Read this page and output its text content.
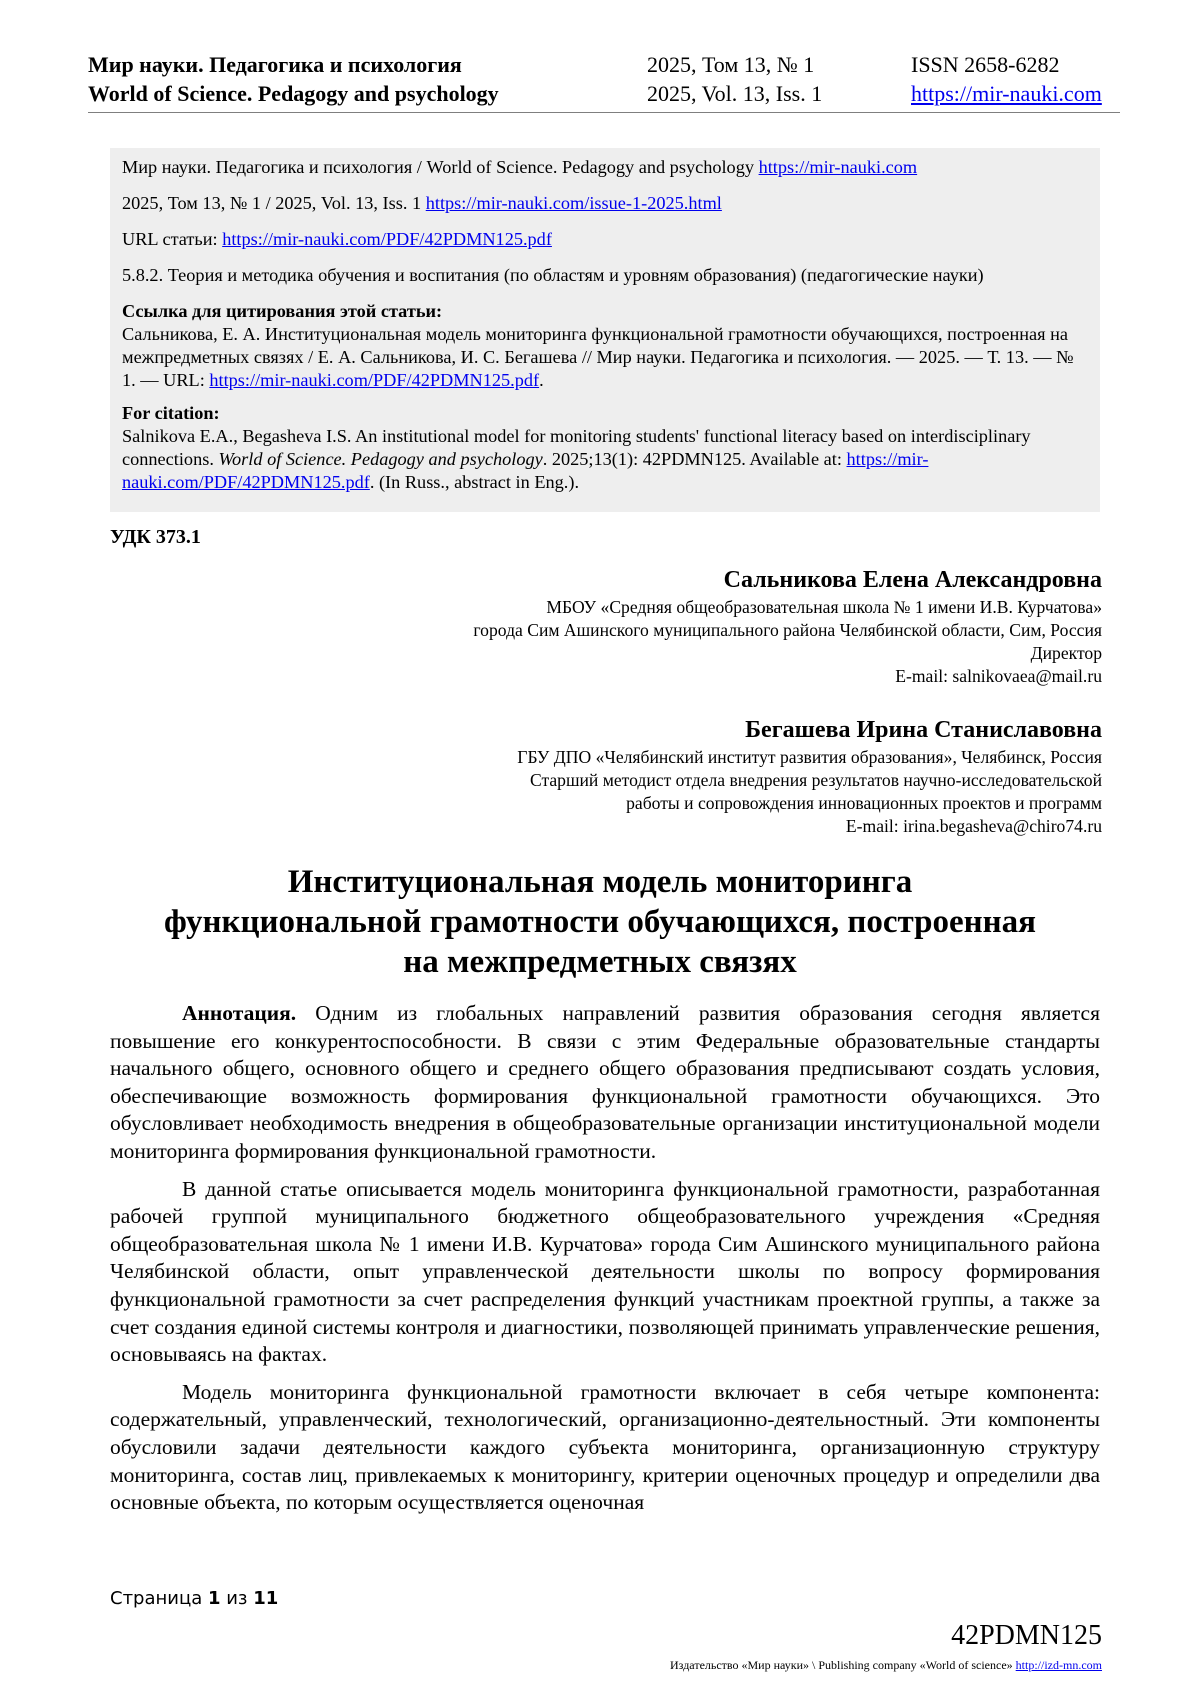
Мир науки. Педагогика и психология
World of Science. Pedagogy and psychology
2025, Том 13, № 1
2025, Vol. 13, Iss. 1
ISSN 2658-6282
https://mir-nauki.com

Мир науки. Педагогика и психология / World of Science. Pedagogy and psychology https://mir-nauki.com

2025, Том 13, № 1 / 2025, Vol. 13, Iss. 1 https://mir-nauki.com/issue-1-2025.html

URL статьи: https://mir-nauki.com/PDF/42PDMN125.pdf

5.8.2. Теория и методика обучения и воспитания (по областям и уровням образования) (педагогические науки)

Ссылка для цитирования этой статьи:
Сальникова, Е. А. Институциональная модель мониторинга функциональной грамотности обучающихся, построенная на межпредметных связях / Е. А. Сальникова, И. С. Бегашева // Мир науки. Педагогика и психология. — 2025. — Т. 13. — № 1. — URL: https://mir-nauki.com/PDF/42PDMN125.pdf.
For citation:
Salnikova E.A., Begasheva I.S. An institutional model for monitoring students' functional literacy based on interdisciplinary connections. World of Science. Pedagogy and psychology. 2025;13(1): 42PDMN125. Available at: https://mir-nauki.com/PDF/42PDMN125.pdf. (In Russ., abstract in Eng.).
УДК 373.1
Сальникова Елена Александровна
МБОУ «Средняя общеобразовательная школа № 1 имени И.В. Курчатова»
города Сим Ашинского муниципального района Челябинской области, Сим, Россия
Директор
E-mail: salnikovaea@mail.ru
Бегашева Ирина Станиславовна
ГБУ ДПО «Челябинский институт развития образования», Челябинск, Россия
Старший методист отдела внедрения результатов научно-исследовательской
работы и сопровождения инновационных проектов и программ
E-mail: irina.begasheva@chiro74.ru
Институциональная модель мониторинга
функциональной грамотности обучающихся, построенная
на межпредметных связях

Аннотация. Одним из глобальных направлений развития образования сегодня является повышение его конкурентоспособности. В связи с этим Федеральные образовательные стандарты начального общего, основного общего и среднего общего образования предписывают создать условия, обеспечивающие возможность формирования функциональной грамотности обучающихся. Это обусловливает необходимость внедрения в общеобразовательные организации институциональной модели мониторинга формирования функциональной грамотности.

В данной статье описывается модель мониторинга функциональной грамотности, разработанная рабочей группой муниципального бюджетного общеобразовательного учреждения «Средняя общеобразовательная школа № 1 имени И.В. Курчатова» города Сим Ашинского муниципального района Челябинской области, опыт управленческой деятельности школы по вопросу формирования функциональной грамотности за счет распределения функций участникам проектной группы, а также за счет создания единой системы контроля и диагностики, позволяющей принимать управленческие решения, основываясь на фактах.

Модель мониторинга функциональной грамотности включает в себя четыре компонента: содержательный, управленческий, технологический, организационно-деятельностный. Эти компоненты обусловили задачи деятельности каждого субъекта мониторинга, организационную структуру мониторинга, состав лиц, привлекаемых к мониторингу, критерии оценочных процедур и определили два основные объекта, по которым осуществляется оценочная

Страница 1 из 11
42PDMN125
Издательство «Мир науки» \ Publishing company «World of science» http://izd-mn.com
